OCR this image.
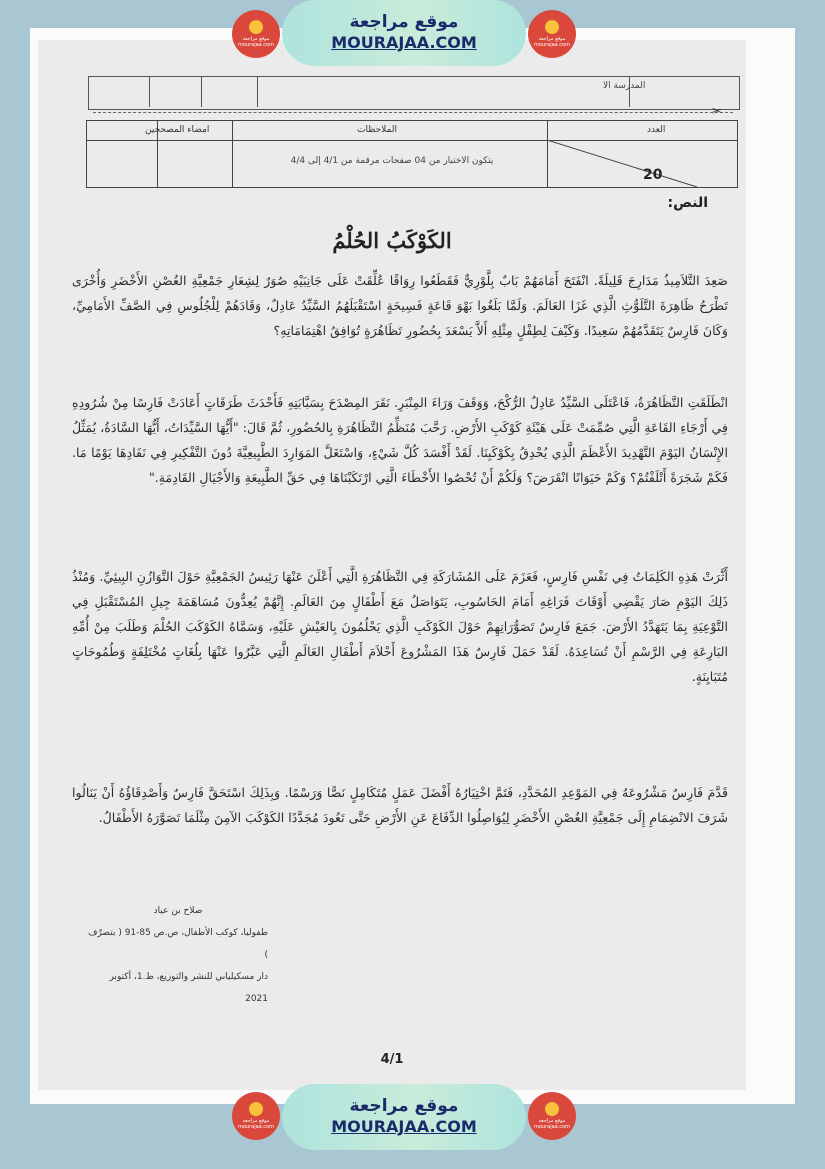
المدرسة الا
✂
امضاء المصححين	الملاحظات	العدد
20
يتكون الاختبار من 04 صفحات مرقمة من 4/1 إلى 4/4
النص:
الكَوْكَبُ الحُلْمُ
صَعِدَ التَّلاَمِيذُ مَدَارِجَ قَلِيلَةً. انْفَتَحَ أَمَامَهُمْ بَابٌ بِلَّوْرِيٌّ فَقَطَعُوا رِوَاقًا عُلِّقَتْ عَلَى جَانِبَيْهِ صُوَرٌ لِشِعَارِ جَمْعِيَّةِ الغُصْنِ الأَخْضَرِ وَأُخْرَى تَطْرَحُ ظَاهِرَةَ التَّلَوُّثِ الَّذِي غَزَا العَالَمَ. وَلَمَّا بَلَغُوا بَهْوَ قَاعَةٍ فَسِيحَةٍ اسْتَقْبَلَهُمُ السَّيِّدُ عَادِلٌ، وَقَادَهُمْ لِلْجُلُوسِ فِي الصَّفِّ الأَمَامِيِّ، وَكَانَ فَارِسٌ يَتَقَدَّمُهُمْ سَعِيدًا. وَكَيْفَ لِطِفْلٍ مِثْلِهِ أَلاَّ يَسْعَدَ بِحُضُورِ تَظَاهُرَةٍ تُوَافِقُ اهْتِمَامَاتِهِ؟
انْطَلَقَتِ التَّظَاهُرَةُ، فَاعْتَلَى السَّيِّدُ عَادِلٌ الرُّكْحَ، وَوَقَفَ وَرَاءَ المِنْبَرِ. نَقَرَ المِصْدَحَ بِسَبَّابَتِهِ فَأَحْدَثَ طَرَقَاتٍ أَعَادَتْ فَارِسًا مِنْ شُرُودِهِ فِي أَرْجَاءِ القَاعَةِ الَّتِي صُمِّمَتْ عَلَى هَيْئَةِ كَوْكَبِ الأَرْضِ. رَحَّبَ مُنَظِّمُ التَّظَاهُرَةِ بِالحُضُورِ، ثُمَّ قَالَ: "أَيُّهَا السَّيِّدَاتُ، أَيُّهَا السَّادَةُ، يُمَثِّلُ الإِنْسَانُ اليَوْمَ التَّهْدِيدَ الأَعْظَمَ الَّذِي يُحْدِقُ بِكَوْكَبِنَا. لَقَدْ أَفْسَدَ كُلَّ شَيْءٍ، وَاسْتَغَلَّ المَوَارِدَ الطَّبِيعِيَّةَ دُونَ التَّفْكِيرِ فِي نَفَادِهَا يَوْمًا مَا. فَكَمْ شَجَرَةً أَتْلَفْتُمْ؟ وَكَمْ حَيَوَانًا انْقَرَضَ؟ وَلَكُمْ أَنْ تُحْصُوا الأَخْطَاءَ الَّتِي ارْتَكَبْنَاهَا فِي حَقِّ الطَّبِيعَةِ وَالأَجْيَالِ القَادِمَةِ."
أَثَّرَتْ هَذِهِ الكَلِمَاتُ فِي نَفْسِ فَارِسٍ، فَعَزَمَ عَلَى المُشَارَكَةِ فِي التَّظَاهُرَةِ الَّتِي أَعْلَنَ عَنْهَا رَئِيسُ الجَمْعِيَّةِ حَوْلَ التَّوَازُنِ البِيئِيِّ. وَمُنْذُ ذَلِكَ اليَوْمِ صَارَ يَقْضِي أَوْقَاتَ فَرَاغِهِ أَمَامَ الحَاسُوبِ، يَتَوَاصَلُ مَعَ أَطْفَالٍ مِنَ العَالَمِ. إِنَّهُمْ يُعِدُّونَ مُسَاهَمَةَ جِيلِ المُسْتَقْبَلِ فِي التَّوْعِيَةِ بِمَا يَتَهَدَّدُ الأَرْضَ. جَمَعَ فَارِسٌ تَصَوُّرَاتِهِمْ حَوْلَ الكَوْكَبِ الَّذِي يَحْلُمُونَ بِالعَيْشِ عَلَيْهِ، وَسَمَّاهُ الكَوْكَبَ الحُلْمَ وَطَلَبَ مِنْ أُمِّهِ البَارِعَةِ فِي الرَّسْمِ أَنْ تُسَاعِدَهُ. لَقَدْ حَمَلَ فَارِسٌ هَذَا المَشْرُوعَ أَحْلاَمَ أَطْفَالِ العَالَمِ الَّتِي عَبَّرُوا عَنْهَا بِلُغَاتٍ مُخْتَلِفَةٍ وَطُمُوحَاتٍ مُتَبَايِنَةٍ.
قَدَّمَ فَارِسٌ مَشْرُوعَهُ فِي المَوْعِدِ المُحَدَّدِ، فَتَمَّ اخْتِيَارُهُ أَفْضَلَ عَمَلٍ مُتَكَامِلٍ نَصًّا وَرَسْمًا. وَبِذَلِكَ اسْتَحَقَّ فَارِسٌ وَأَصْدِقَاؤُهُ أَنْ يَنَالُوا شَرَفَ الانْضِمَامِ إِلَى جَمْعِيَّةِ الغُصْنِ الأَخْضَرِ لِيُوَاصِلُوا الدِّفَاعَ عَنِ الأَرْضِ حَتَّى تَعُودَ مُجَدَّدًا الكَوْكَبَ الآمِنَ مِثْلَمَا تَصَوَّرَهُ الأَطْفَالُ.
صلاح بن عياد
طفوليا، كوكب الأطفال، ص.ص 85-91 ( بتصرّف )
دار مسكيلياني للنشر والتوزيع، ط.1، أكتوبر 2021
4/1
موقع مراجعة
MOURAJAA.COM
موقع مراجعة
mourajaa.com
موقع مراجعة
mourajaa.com
موقع مراجعة
MOURAJAA.COM
موقع مراجعة
mourajaa.com
موقع مراجعة
mourajaa.com
